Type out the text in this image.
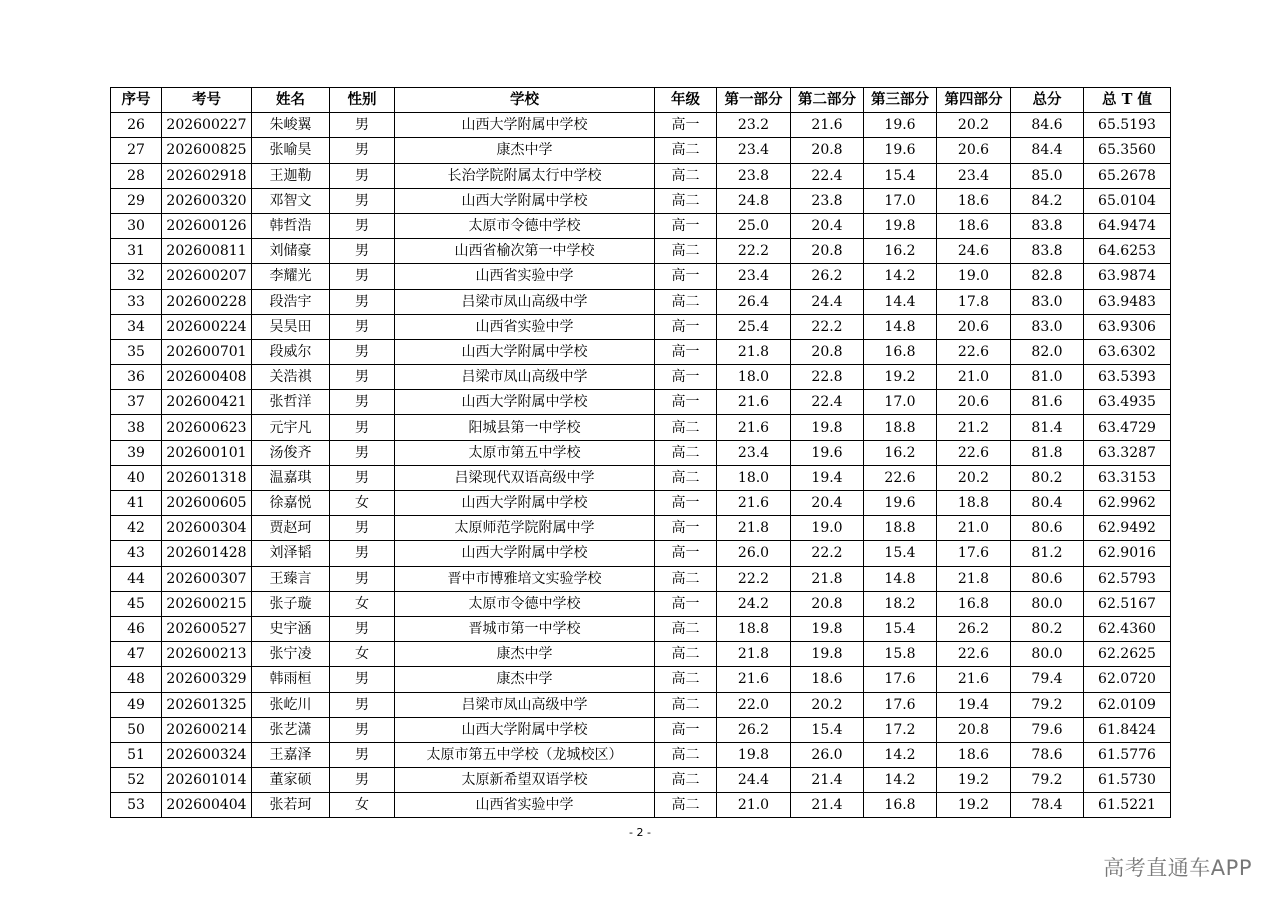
序号	考号	姓名	性别	学校	年级	第一部分	第二部分	第三部分	第四部分	总分	总 T 值
26	202600227	朱峻翼	男	山西大学附属中学校	高一	23.2	21.6	19.6	20.2	84.6	65.5193
27	202600825	张喻昊	男	康杰中学	高二	23.4	20.8	19.6	20.6	84.4	65.3560
28	202602918	王迦勒	男	长治学院附属太行中学校	高二	23.8	22.4	15.4	23.4	85.0	65.2678
29	202600320	邓智文	男	山西大学附属中学校	高二	24.8	23.8	17.0	18.6	84.2	65.0104
30	202600126	韩哲浩	男	太原市令德中学校	高一	25.0	20.4	19.8	18.6	83.8	64.9474
31	202600811	刘储豪	男	山西省榆次第一中学校	高二	22.2	20.8	16.2	24.6	83.8	64.6253
32	202600207	李耀光	男	山西省实验中学	高一	23.4	26.2	14.2	19.0	82.8	63.9874
33	202600228	段浩宇	男	吕梁市凤山高级中学	高二	26.4	24.4	14.4	17.8	83.0	63.9483
34	202600224	吴昊田	男	山西省实验中学	高一	25.4	22.2	14.8	20.6	83.0	63.9306
35	202600701	段威尔	男	山西大学附属中学校	高一	21.8	20.8	16.8	22.6	82.0	63.6302
36	202600408	关浩祺	男	吕梁市凤山高级中学	高一	18.0	22.8	19.2	21.0	81.0	63.5393
37	202600421	张哲洋	男	山西大学附属中学校	高一	21.6	22.4	17.0	20.6	81.6	63.4935
38	202600623	元宇凡	男	阳城县第一中学校	高二	21.6	19.8	18.8	21.2	81.4	63.4729
39	202600101	汤俊齐	男	太原市第五中学校	高二	23.4	19.6	16.2	22.6	81.8	63.3287
40	202601318	温嘉琪	男	吕梁现代双语高级中学	高二	18.0	19.4	22.6	20.2	80.2	63.3153
41	202600605	徐嘉悦	女	山西大学附属中学校	高一	21.6	20.4	19.6	18.8	80.4	62.9962
42	202600304	贾赵珂	男	太原师范学院附属中学	高一	21.8	19.0	18.8	21.0	80.6	62.9492
43	202601428	刘泽韬	男	山西大学附属中学校	高一	26.0	22.2	15.4	17.6	81.2	62.9016
44	202600307	王臻言	男	晋中市博雅培文实验学校	高二	22.2	21.8	14.8	21.8	80.6	62.5793
45	202600215	张子璇	女	太原市令德中学校	高一	24.2	20.8	18.2	16.8	80.0	62.5167
46	202600527	史宇涵	男	晋城市第一中学校	高二	18.8	19.8	15.4	26.2	80.2	62.4360
47	202600213	张宁凌	女	康杰中学	高二	21.8	19.8	15.8	22.6	80.0	62.2625
48	202600329	韩雨桓	男	康杰中学	高二	21.6	18.6	17.6	21.6	79.4	62.0720
49	202601325	张屹川	男	吕梁市凤山高级中学	高二	22.0	20.2	17.6	19.4	79.2	62.0109
50	202600214	张艺潇	男	山西大学附属中学校	高一	26.2	15.4	17.2	20.8	79.6	61.8424
51	202600324	王嘉泽	男	太原市第五中学校（龙城校区）	高二	19.8	26.0	14.2	18.6	78.6	61.5776
52	202601014	董家硕	男	太原新希望双语学校	高二	24.4	21.4	14.2	19.2	79.2	61.5730
53	202600404	张若珂	女	山西省实验中学	高二	21.0	21.4	16.8	19.2	78.4	61.5221
- 2 -
高考直通车APP
